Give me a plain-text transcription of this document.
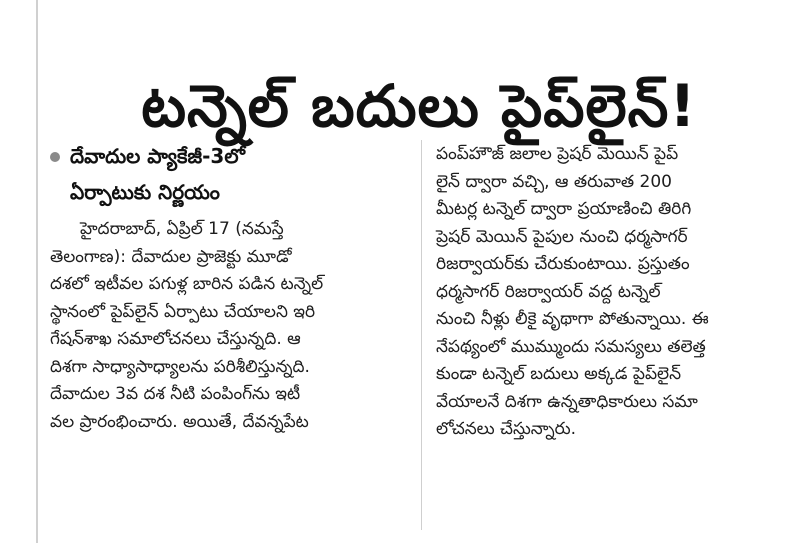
టన్నెల్ బదులు పైప్‌లైన్!
దేవాదుల ప్యాకేజీ-3లో
ఏర్పాటుకు నిర్ణయం
హైదరాబాద్, ఏప్రిల్ 17 (నమస్తే
తెలంగాణ): దేవాదుల ప్రాజెక్టు మూడో
దశలో ఇటీవల పగుళ్ల బారిన పడిన టన్నెల్
స్థానంలో పైప్‌లైన్ ఏర్పాటు చేయాలని ఇరి
గేషన్‌శాఖ సమాలోచనలు చేస్తున్నది. ఆ
దిశగా సాధ్యాసాధ్యాలను పరిశీలిస్తున్నది.
దేవాదుల 3వ దశ నీటి పంపింగ్‌ను ఇటీ
వల ప్రారంభించారు. అయితే, దేవన్నపేట
పంప్‌హౌజ్ జలాల ప్రెషర్ మెయిన్ పైప్
లైన్ ద్వారా వచ్చి, ఆ తరువాత 200
మీటర్ల టన్నెల్ ద్వారా ప్రయాణించి తిరిగి
ప్రెషర్ మెయిన్ పైపుల నుంచి ధర్మసాగర్
రిజర్వాయర్‌కు చేరుకుంటాయి. ప్రస్తుతం
ధర్మసాగర్ రిజర్వాయర్ వద్ద టన్నెల్
నుంచి నీళ్లు లీకై వృథాగా పోతున్నాయి. ఈ
నేపథ్యంలో ముమ్ముందు సమస్యలు తలెత్త
కుండా టన్నెల్ బదులు అక్కడ పైప్‌లైన్
వేయాలనే దిశగా ఉన్నతాధికారులు సమా
లోచనలు చేస్తున్నారు.
